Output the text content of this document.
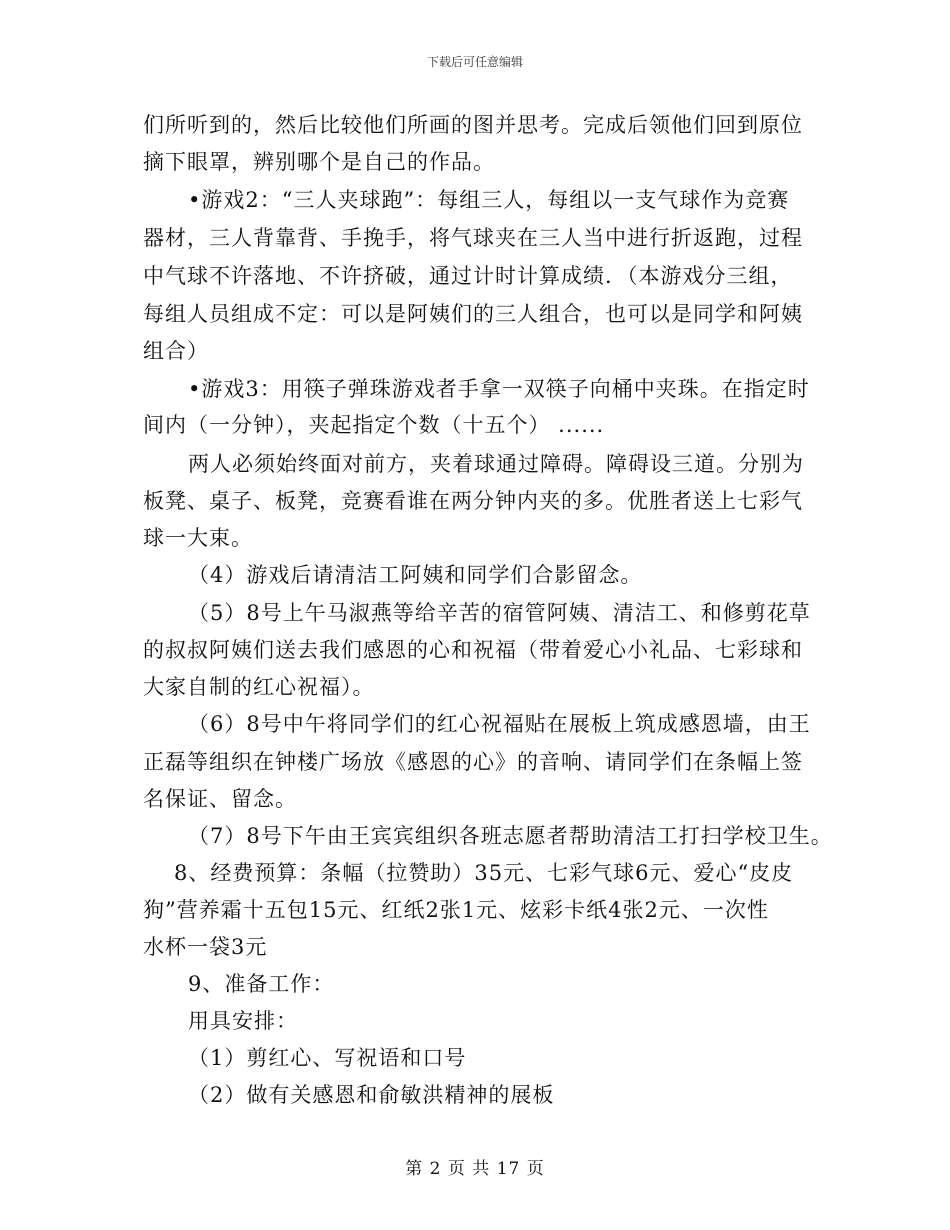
下载后可任意编辑
们所听到的，然后比较他们所画的图并思考。完成后领他们回到原位
摘下眼罩，辨别哪个是自己的作品。
•游戏2：“三人夹球跑”：每组三人，每组以一支气球作为竞赛
器材，三人背靠背、手挽手，将气球夹在三人当中进行折返跑，过程
中气球不许落地、不许挤破，通过计时计算成绩．（本游戏分三组，
每组人员组成不定：可以是阿姨们的三人组合，也可以是同学和阿姨
组合）
•游戏3：用筷子弹珠游戏者手拿一双筷子向桶中夹珠。在指定时
间内（一分钟），夹起指定个数（十五个） ......
两人必须始终面对前方，夹着球通过障碍。障碍设三道。分别为
板凳、桌子、板凳，竞赛看谁在两分钟内夹的多。优胜者送上七彩气
球一大束。
（4）游戏后请清洁工阿姨和同学们合影留念。
（5）8号上午马淑燕等给辛苦的宿管阿姨、清洁工、和修剪花草
的叔叔阿姨们送去我们感恩的心和祝福（带着爱心小礼品、七彩球和
大家自制的红心祝福）。
（6）8号中午将同学们的红心祝福贴在展板上筑成感恩墙，由王
正磊等组织在钟楼广场放《感恩的心》的音响、请同学们在条幅上签
名保证、留念。
（7）8号下午由王宾宾组织各班志愿者帮助清洁工打扫学校卫生。
8、经费预算：条幅（拉赞助）35元、七彩气球6元、爱心“皮皮
狗”营养霜十五包15元、红纸2张1元、炫彩卡纸4张2元、一次性
水杯一袋3元
9、准备工作：
用具安排：
（1）剪红心、写祝语和口号
（2）做有关感恩和俞敏洪精神的展板
第 2 页 共 17 页
